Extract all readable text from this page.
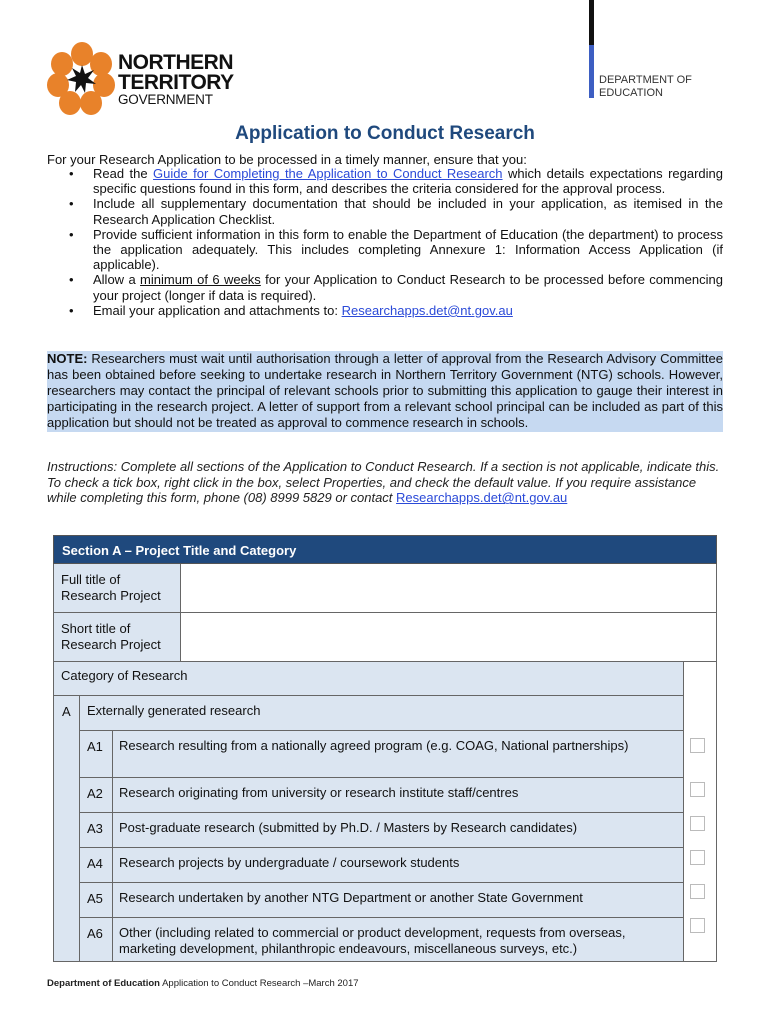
NORTHERN
TERRITORY
GOVERNMENT
DEPARTMENT OF
EDUCATION
Application to Conduct Research
For your Research Application to be processed in a timely manner, ensure that you:
• Read the Guide for Completing the Application to Conduct Research which details expectations regarding specific questions found in this form, and describes the criteria considered for the approval process.
• Include all supplementary documentation that should be included in your application, as itemised in the Research Application Checklist.
• Provide sufficient information in this form to enable the Department of Education (the department) to process the application adequately. This includes completing Annexure 1: Information Access Application (if applicable).
• Allow a minimum of 6 weeks for your Application to Conduct Research to be processed before commencing your project (longer if data is required).
• Email your application and attachments to: Researchapps.det@nt.gov.au
NOTE: Researchers must wait until authorisation through a letter of approval from the Research Advisory Committee has been obtained before seeking to undertake research in Northern Territory Government (NTG) schools. However, researchers may contact the principal of relevant schools prior to submitting this application to gauge their interest in participating in the research project. A letter of support from a relevant school principal can be included as part of this application but should not be treated as approval to commence research in schools.
Instructions: Complete all sections of the Application to Conduct Research. If a section is not applicable, indicate this. To check a tick box, right click in the box, select Properties, and check the default value. If you require assistance while completing this form, phone (08) 8999 5829 or contact Researchapps.det@nt.gov.au
Section A – Project Title and Category
Full title of
Research Project
Short title of
Research Project
Category of Research
A	Externally generated research
A1	Research resulting from a nationally agreed program (e.g. COAG, National partnerships)
A2	Research originating from university or research institute staff/centres
A3	Post-graduate research (submitted by Ph.D. / Masters by Research candidates)
A4	Research projects by undergraduate / coursework students
A5	Research undertaken by another NTG Department or another State Government
A6	Other (including related to commercial or product development, requests from overseas, marketing development, philanthropic endeavours, miscellaneous surveys, etc.)
Department of Education Application to Conduct Research –March 2017
